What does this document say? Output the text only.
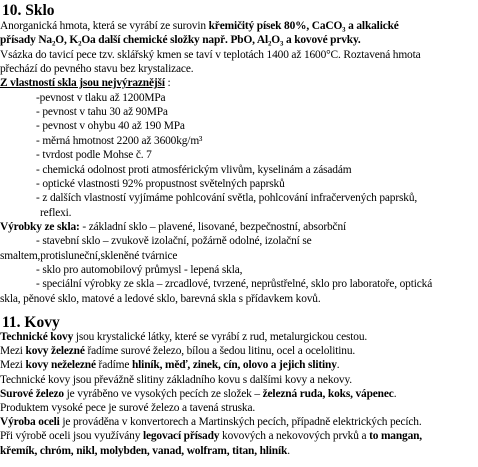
10. Sklo
Anorganická hmota, která se vyrábí ze surovin křemičitý písek 80%, CaCO₃ a alkalické
přísady Na₂O, K₂Oa další chemické složky např. PbO, Al₂O₃ a kovové prvky.
Vsázka do tavicí pece tzv. sklářský kmen se taví v teplotách 1400 až 1600°C. Roztavená hmota
přechází do pevného stavu bez krystalizace.
Z vlastností skla jsou nejvýraznější :
-pevnost v tlaku až 1200MPa
- pevnost v tahu 30 až 90MPa
- pevnost v ohybu 40 až 190 MPa
- měrná hmotnost 2200 až 3600kg/m³
- tvrdost podle Mohse č. 7
- chemická odolnost proti atmosférickým vlivům, kyselinám a zásadám
- optické vlastnosti 92% propustnost světelných paprsků
- z dalších vlastností vyjímáme pohlcování světla, pohlcování infračervených paprsků,
reflexi.
Výrobky ze skla: - základní sklo – plavené, lisované, bezpečnostní, absorbční
- stavební sklo – zvukově izolační, požárně odolné, izolační se
smaltem,protisluneční,skleněné tvárnice
- sklo pro automobilový průmysl - lepená skla,
- speciální výrobky ze skla – zrcadlové, tvrzené, neprůstřelné, sklo pro laboratoře, optická
skla, pěnové sklo, matové a ledové sklo, barevná skla s přídavkem kovů.
11. Kovy
Technické kovy jsou krystalické látky, které se vyrábí z rud, metalurgickou cestou.
Mezi kovy železné řadíme surové železo, bílou a šedou litinu, ocel a ocelolitinu.
Mezi kovy neželezné řadíme hliník, měď, zinek, cín, olovo a jejich slitiny.
Technické kovy jsou převážně slitiny základního kovu s dalšími kovy a nekovy.
Surové železo je vyráběno ve vysokých pecích ze složek – železná ruda, koks, vápenec.
Produktem vysoké pece je surové železo a tavená struska.
Výroba oceli je prováděna v konvertorech a Martinských pecích, případně elektrických pecích.
Při výrobě oceli jsou využívány legovací přísady kovových a nekovových prvků a to mangan,
křemík, chróm, nikl, molybden, vanad, wolfram, titan, hliník.
